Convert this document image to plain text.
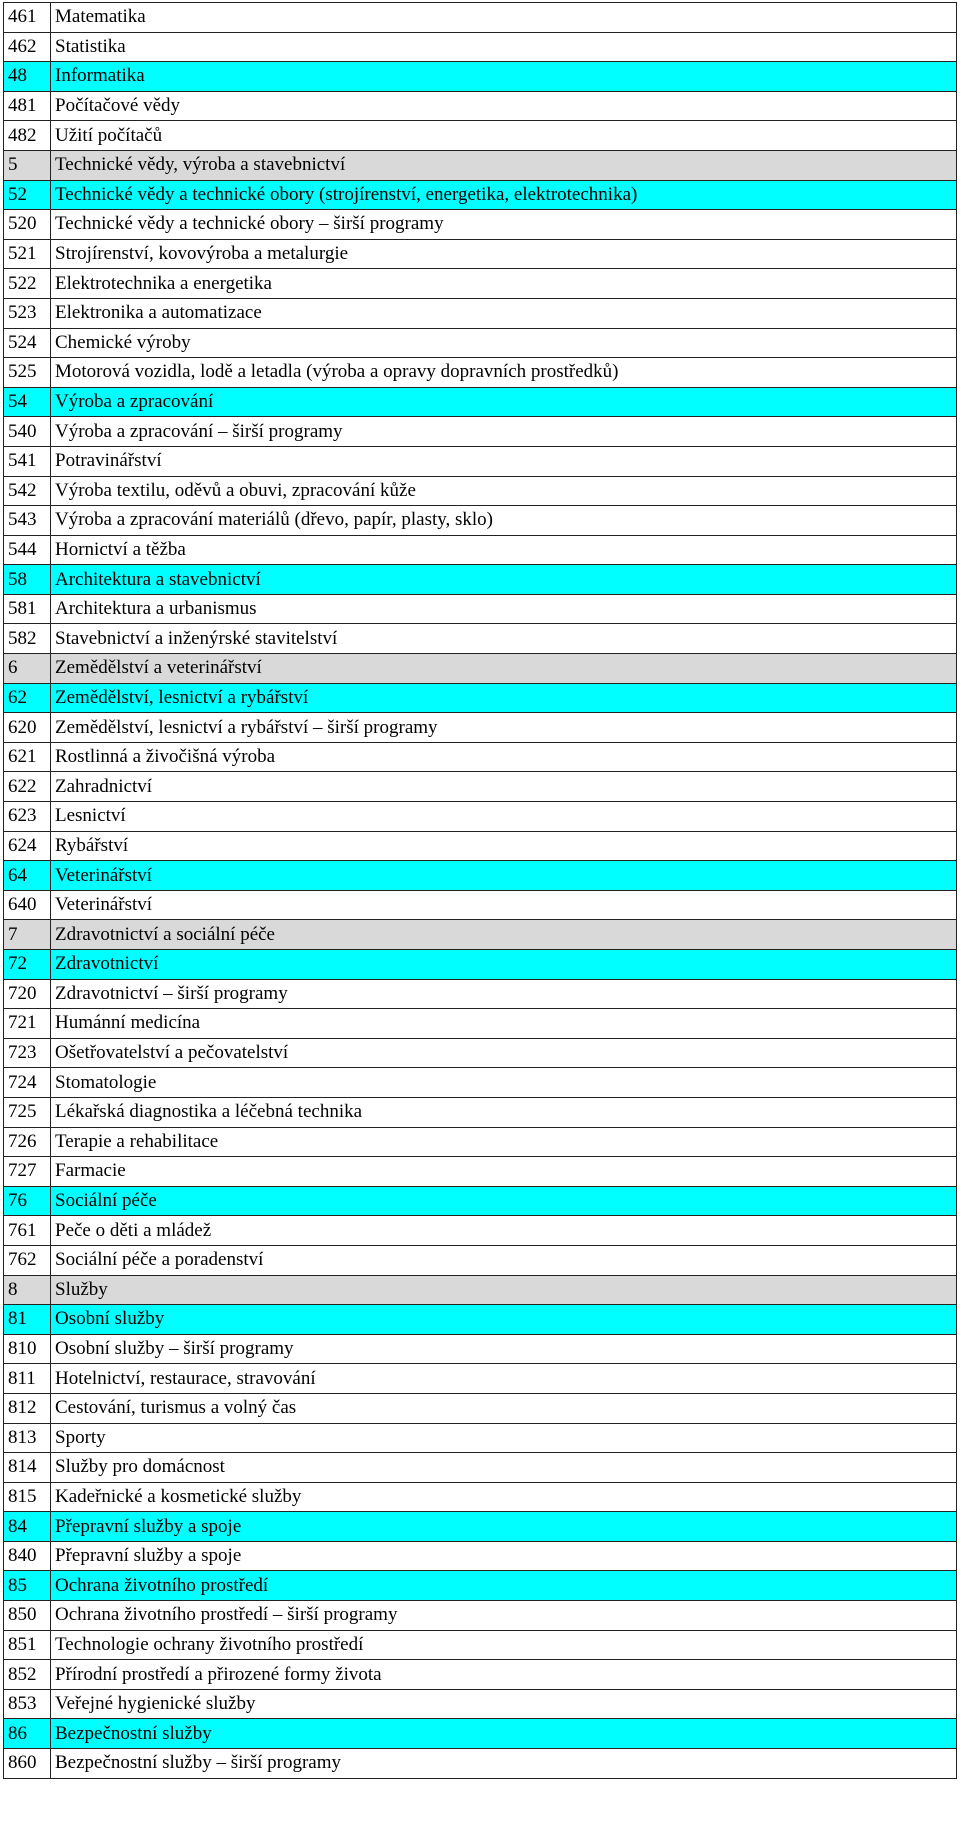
461	Matematika
462	Statistika
48	Informatika
481	Počítačové vědy
482	Užití počítačů
5	Technické vědy, výroba a stavebnictví
52	Technické vědy a technické obory (strojírenství, energetika, elektrotechnika)
520	Technické vědy a technické obory – širší programy
521	Strojírenství, kovovýroba a metalurgie
522	Elektrotechnika a energetika
523	Elektronika a automatizace
524	Chemické výroby
525	Motorová vozidla, lodě a letadla (výroba a opravy dopravních prostředků)
54	Výroba a zpracování
540	Výroba a zpracování – širší programy
541	Potravinářství
542	Výroba textilu, oděvů a obuvi, zpracování kůže
543	Výroba a zpracování materiálů (dřevo, papír, plasty, sklo)
544	Hornictví a těžba
58	Architektura a stavebnictví
581	Architektura a urbanismus
582	Stavebnictví a inženýrské stavitelství
6	Zemědělství a veterinářství
62	Zemědělství, lesnictví a rybářství
620	Zemědělství, lesnictví a rybářství – širší programy
621	Rostlinná a živočišná výroba
622	Zahradnictví
623	Lesnictví
624	Rybářství
64	Veterinářství
640	Veterinářství
7	Zdravotnictví a sociální péče
72	Zdravotnictví
720	Zdravotnictví – širší programy
721	Humánní medicína
723	Ošetřovatelství a pečovatelství
724	Stomatologie
725	Lékařská diagnostika a léčebná technika
726	Terapie a rehabilitace
727	Farmacie
76	Sociální péče
761	Peče o děti a mládež
762	Sociální péče a poradenství
8	Služby
81	Osobní služby
810	Osobní služby – širší programy
811	Hotelnictví, restaurace, stravování
812	Cestování, turismus a volný čas
813	Sporty
814	Služby pro domácnost
815	Kadeřnické a kosmetické služby
84	Přepravní služby a spoje
840	Přepravní služby a spoje
85	Ochrana životního prostředí
850	Ochrana životního prostředí – širší programy
851	Technologie ochrany životního prostředí
852	Přírodní prostředí a přirozené formy života
853	Veřejné hygienické služby
86	Bezpečnostní služby
860	Bezpečnostní služby – širší programy
